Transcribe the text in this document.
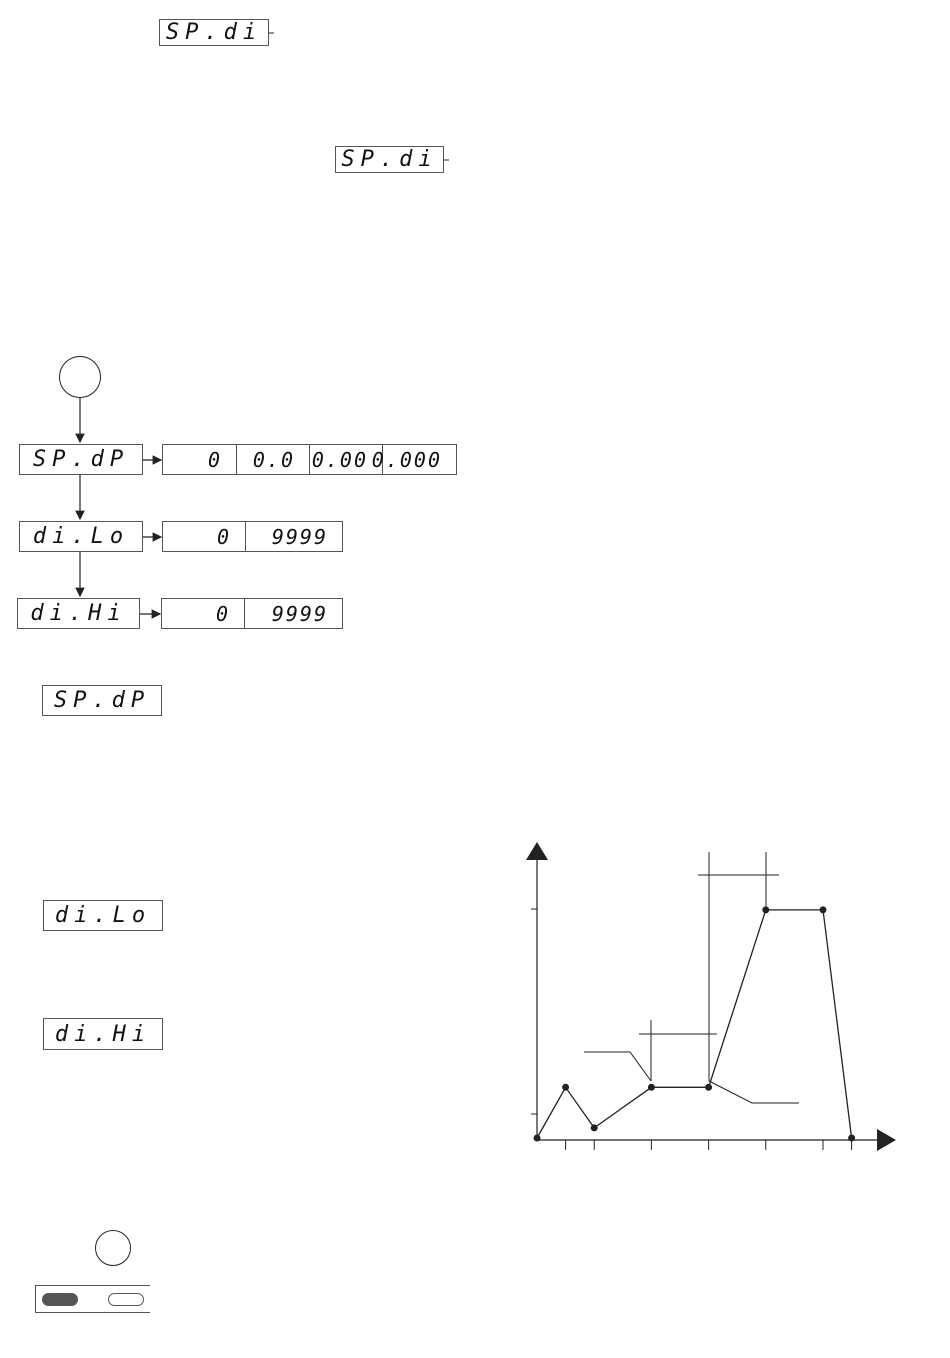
SP.di
SP.di
SP.dP	0 0.0 0.00 0.000
di.Lo	0 9999
di.Hi	0 9999
SP.dP
di.Lo
di.Hi
